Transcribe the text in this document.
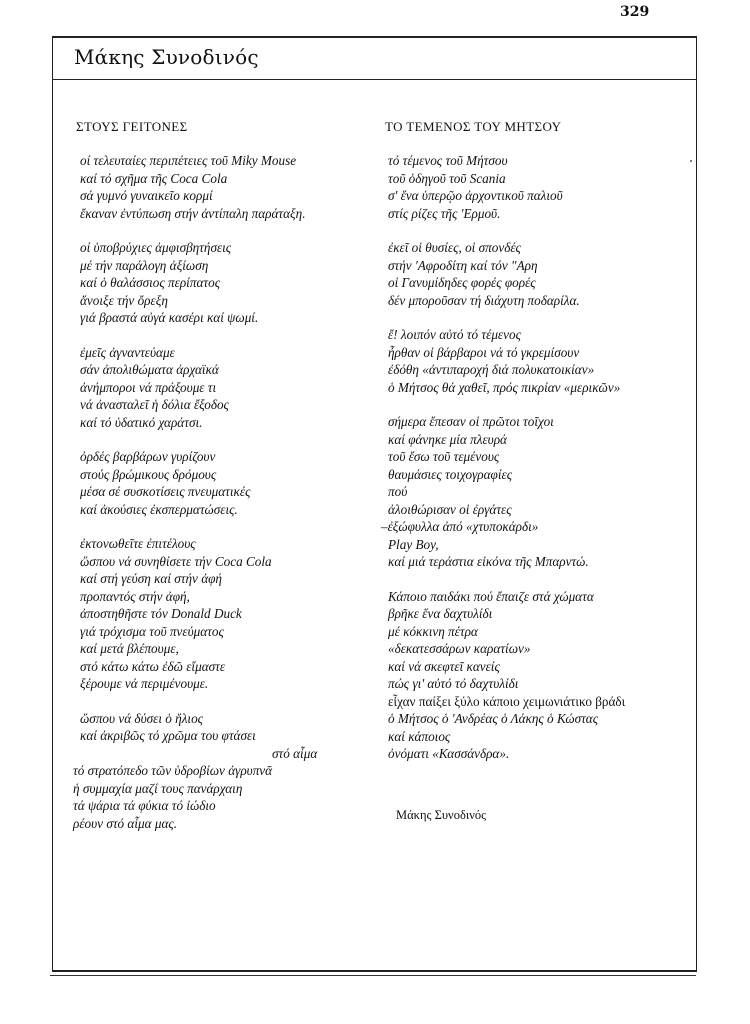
329
Μάκης Συνοδινός
ΣΤΟΥΣ ΓΕΙΤΟΝΕΣ	ΤΟ ΤΕΜΕΝΟΣ ΤΟΥ ΜΗΤΣΟΥ
οί τελευταίες περιπέτειες τοῦ Miky Mouse
καί τό σχῆμα τῆς Coca Cola
σά γυμνό γυναικεῖο κορμί
ἔκαναν ἐντύπωση στήν ἀντίπαλη παράταξη.
οί ὑποβρύχιες ἀμφισβητήσεις
μέ τήν παράλογη ἀξίωση
καί ὁ θαλάσσιος περίπατος
ἄνοιξε τήν ὄρεξη
γιά βραστά αὐγά κασέρι καί ψωμί.
ἐμεῖς ἀγναντεύαμε
σάν ἀπολιθώματα ἀρχαϊκά
ἀνήμποροι νά πράξουμε τι
νά ἀνασταλεῖ ἡ δόλια ἔξοδος
καί τό ὑδατικό χαράτσι.
ὀρδές βαρβάρων γυρίζουν
στούς βρώμικους δρόμους
μέσα σέ συσκοτίσεις πνευματικές
καί ἀκούσιες ἐκσπερματώσεις.
ἐκτονωθεῖτε ἐπιτέλους
ὥσπου νά συνηθίσετε τήν Coca Cola
καί στή γεύση καί στήν ἀφή
προπαντός στήν ἀφή,
ἀποστηθῆστε τόν Donald Duck
γιά τρόχισμα τοῦ πνεύματος
καί μετά βλέπουμε,
στό κάτω κάτω ἐδῶ εἴμαστε
ξέρουμε νά περιμένουμε.
ὥσπου νά δύσει ὁ ἥλιος
καί ἀκριβῶς τό χρῶμα του φτάσει
στό αἷμα
τό στρατόπεδο τῶν ὑδροβίων ἀγρυπνᾶ
ἡ συμμαχία μαζί τους πανάρχαιη
τά ψάρια τά φύκια τό ἰώδιο
ρέουν στό αἷμα μας.
τό τέμενος τοῦ Μήτσου
τοῦ ὁδηγοῦ τοῦ Scania
σ' ἕνα ὑπερῷο ἀρχοντικοῦ παλιοῦ
στίς ρίζες τῆς 'Ερμοῦ.
ἐκεῖ οἱ θυσίες, οἱ σπονδές
στήν 'Αφροδίτη καί τόν "Αρη
οἱ Γανυμίδηδες φορές φορές
δέν μποροῦσαν τή διάχυτη ποδαρίλα.
ἔ! λοιπόν αὐτό τό τέμενος
ἦρθαν οἱ βάρβαροι νά τό γκρεμίσουν
ἐδόθη «ἀντιπαροχή διά πολυκατοικίαν»
ὁ Μήτσος θά χαθεῖ, πρός πικρίαν «μερικῶν»
σήμερα ἔπεσαν οἱ πρῶτοι τοῖχοι
καί φάνηκε μία πλευρά
τοῦ ἔσω τοῦ τεμένους
θαυμάσιες τοιχογραφίες
πού
ἀλοιθώρισαν οἱ ἐργάτες
–ἐξώφυλλα ἀπό «χτυποκάρδι»
Play Boy,
καί μιά τεράστια εἰκόνα τῆς Μπαρντώ.
Κάποιο παιδάκι πού ἔπαιζε στά χώματα
βρῆκε ἕνα δαχτυλίδι
μέ κόκκινη πέτρα
«δεκατεσσάρων καρατίων»
καί νά σκεφτεῖ κανείς
πώς γι' αὐτό τό δαχτυλίδι
εἶχαν παίξει ξύλο κάποιο χειμωνιάτικο βράδι
ὁ Μήτσος ὁ 'Ανδρέας ὁ Λάκης ὁ Κώστας
καί κάποιος
ὀνόματι «Κασσάνδρα».
Μάκης Συνοδινός
